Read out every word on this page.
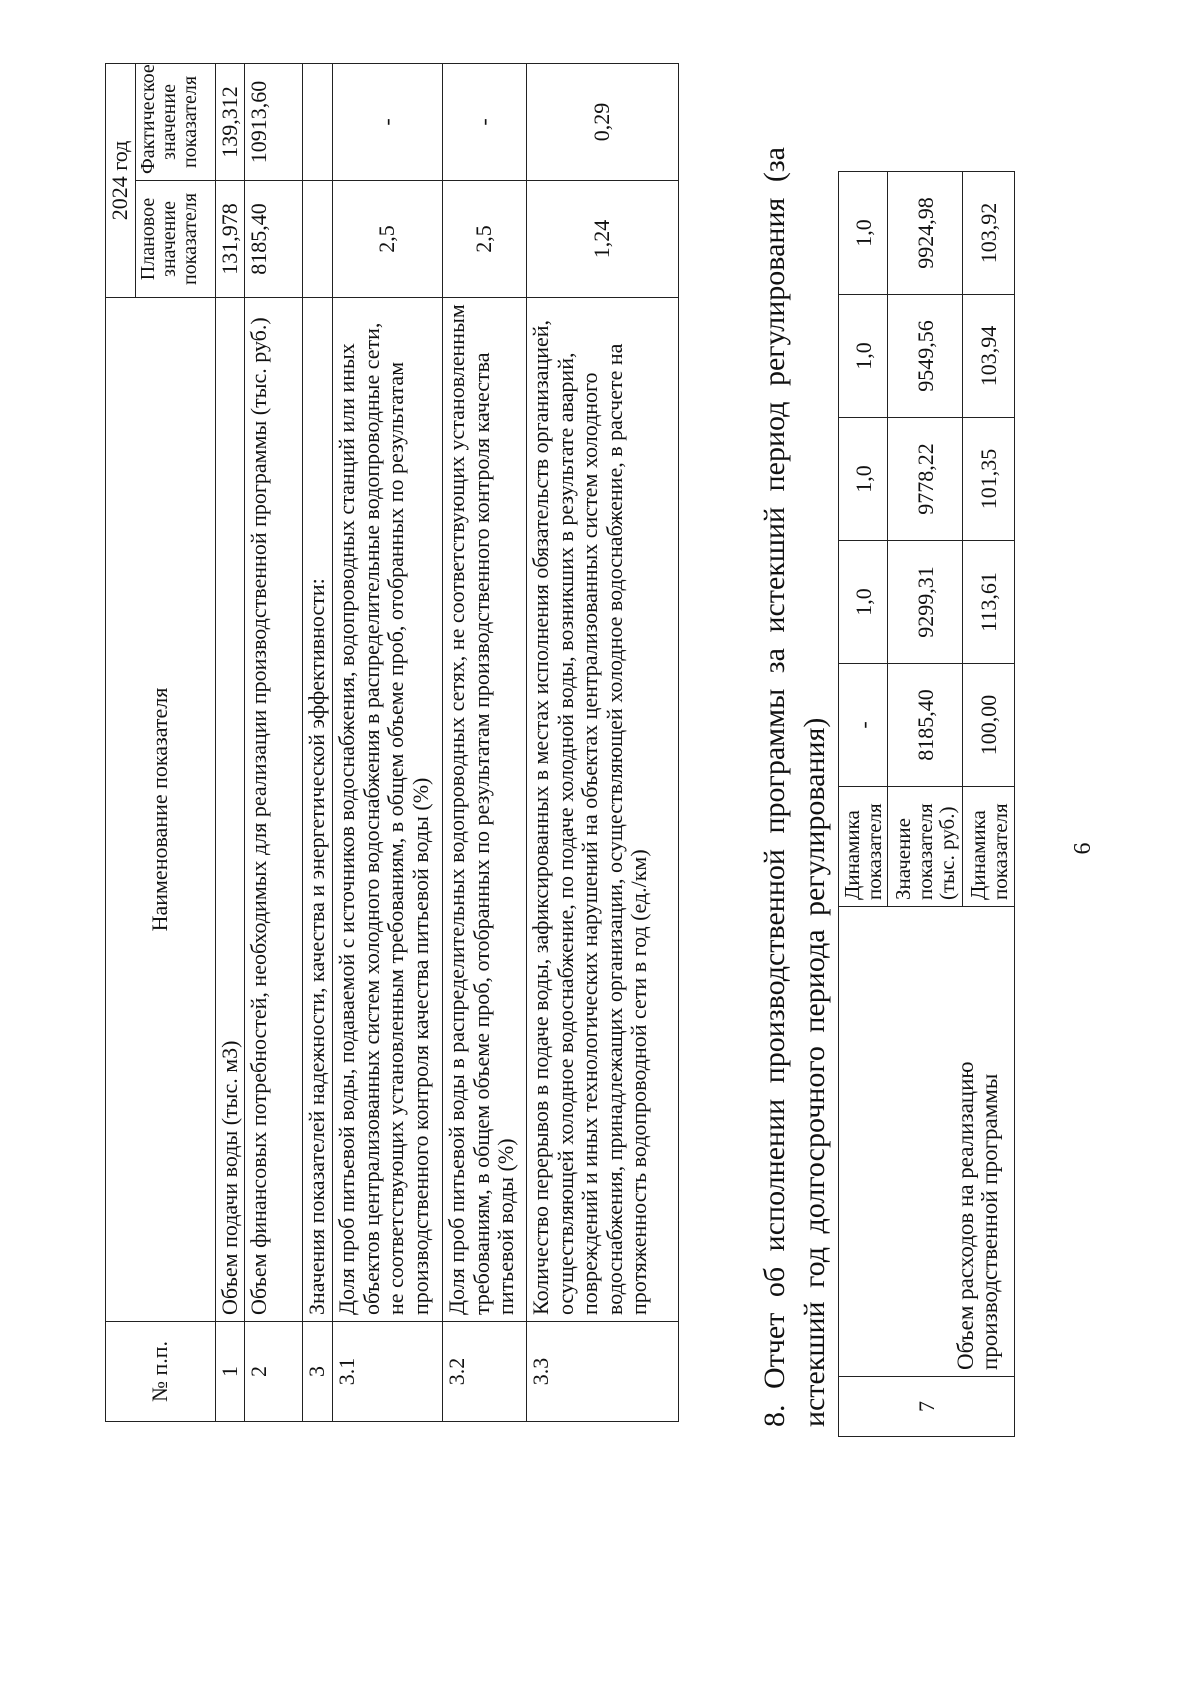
6
7	Объем расходов на реализацию производственной программы	Динамика показателя	-	1,0	1,0	1,0	1,0
		Значение показателя (тыс. руб.)	8185,40	9299,31	9778,22	9549,56	9924,98
		Динамика показателя	100,00	113,61	101,35	103,94	103,92
8. Отчет об исполнении производственной программы за истекший период регулирования (за истекший год долгосрочного периода регулирования)
№ п.п.	Наименование показателя	2024 год	
		Плановое значение показателя	Фактическое значение показателя
1	Объем подачи воды (тыс. м3)	131,978	139,312
2	Объем финансовых потребностей, необходимых для реализации производственной программы (тыс. руб.)	8185,40	10913,60
3	Значения показателей надежности, качества и энергетической эффективности:		
3.1	Доля проб питьевой воды, подаваемой с источников водоснабжения, водопроводных станций или иных объектов централизованных систем холодного водоснабжения в распределительные водопроводные сети, не соответствующих установленным требованиям, в общем объеме проб, отобранных по результатам производственного контроля качества питьевой воды (%)	2,5	-
3.2	Доля проб питьевой воды в распределительных водопроводных сетях, не соответствующих установленным требованиям, в общем объеме проб, отобранных по результатам производственного контроля качества питьевой воды (%)	2,5	-
3.3	Количество перерывов в подаче воды, зафиксированных в местах исполнения обязательств организацией, осуществляющей холодное водоснабжение, по подаче холодной воды, возникших в результате аварий, повреждений и иных технологических нарушений на объектах централизованных систем холодного водоснабжения, принадлежащих организации, осуществляющей холодное водоснабжение, в расчете на протяженность водопроводной сети в год (ед./км)	1,24	0,29
